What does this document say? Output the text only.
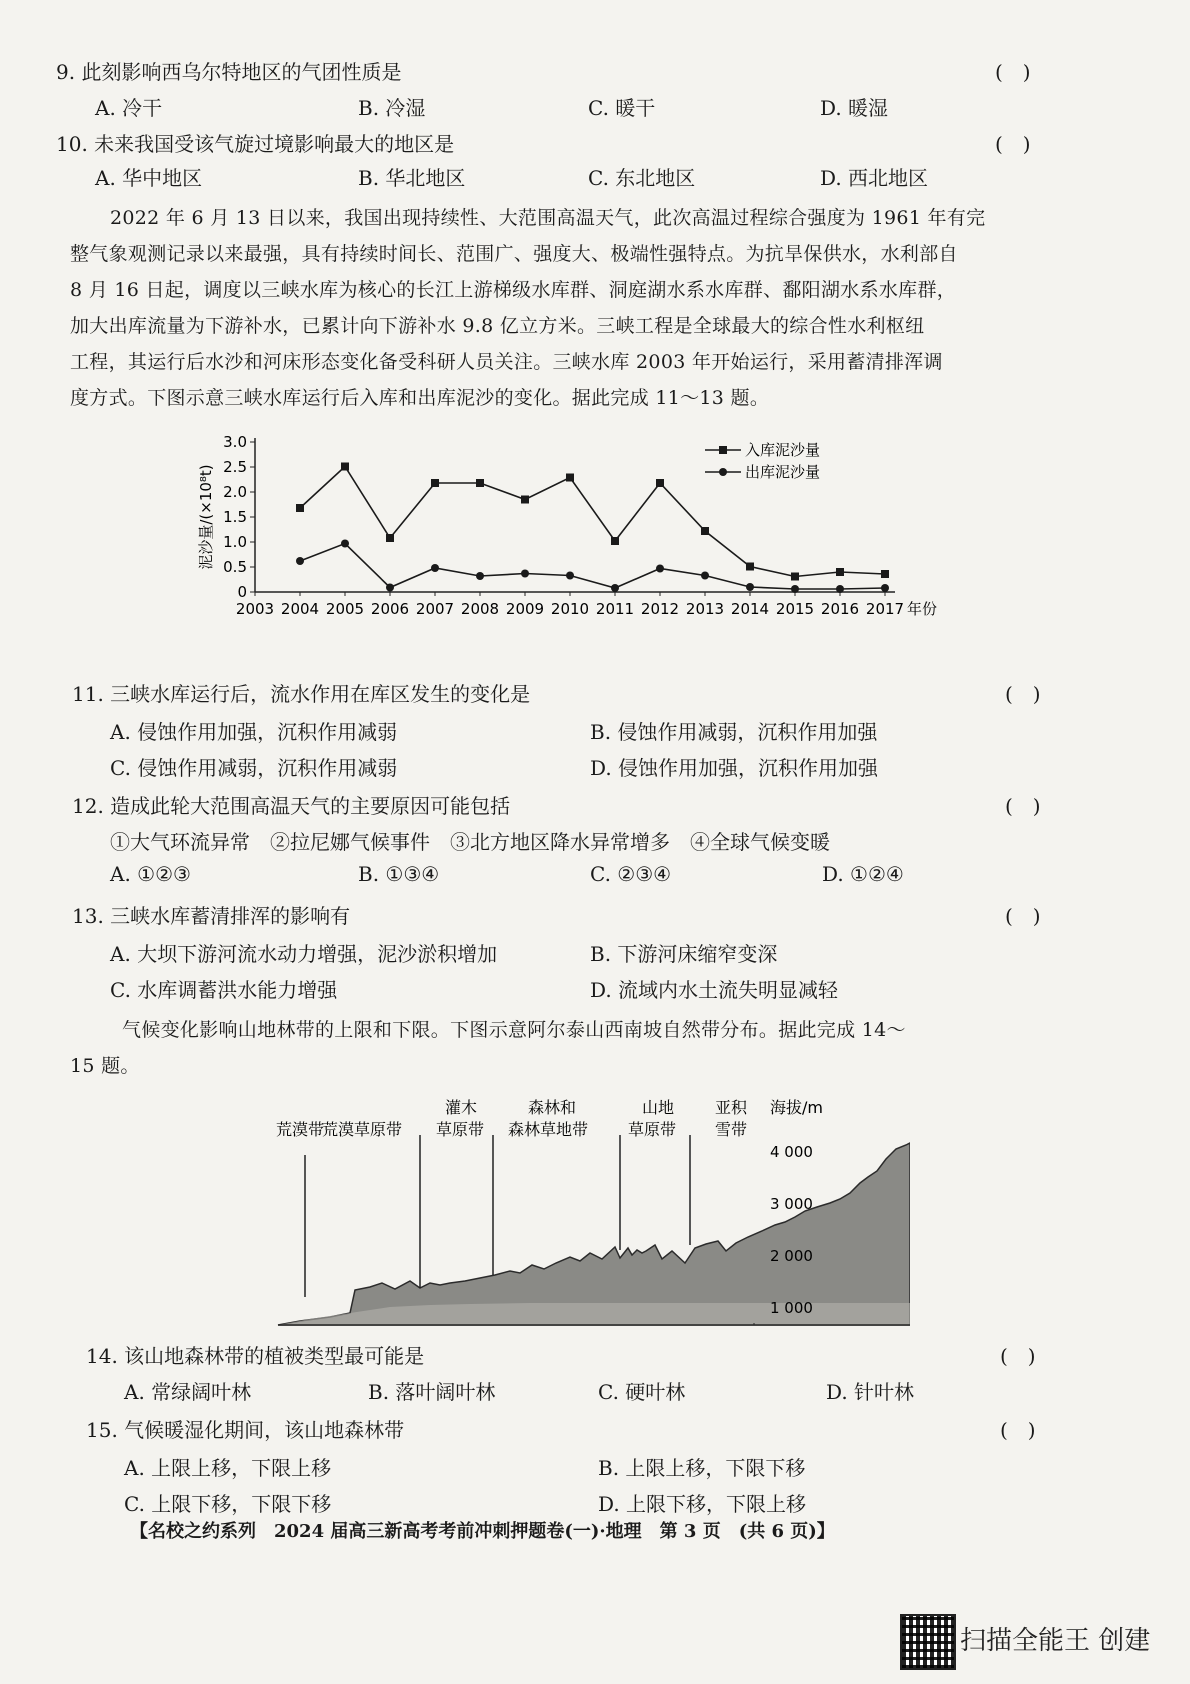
9. 此刻影响西乌尔特地区的气团性质是	(　)
A. 冷干	B. 冷湿	C. 暖干	D. 暖湿
10. 未来我国受该气旋过境影响最大的地区是	(　)
A. 华中地区	B. 华北地区	C. 东北地区	D. 西北地区

2022 年 6 月 13 日以来，我国出现持续性、大范围高温天气，此次高温过程综合强度为 1961 年有完

整气象观测记录以来最强，具有持续时间长、范围广、强度大、极端性强特点。为抗旱保供水，水利部自

8 月 16 日起，调度以三峡水库为核心的长江上游梯级水库群、洞庭湖水系水库群、鄱阳湖水系水库群，

加大出库流量为下游补水，已累计向下游补水 9.8 亿立方米。三峡工程是全球最大的综合性水利枢纽

工程，其运行后水沙和河床形态变化备受科研人员关注。三峡水库 2003 年开始运行，采用蓄清排浑调

度方式。下图示意三峡水库运行后入库和出库泥沙的变化。据此完成 11～13 题。

0
0.5
1.0
1.5
2.0
2.5
3.0
2003 2004 2005 2006 2007 2008 2009 2010 2011 2012 2013 2014 2015 2016 2017 年份
泥沙量/(×10⁸t)
入库泥沙量
出库泥沙量
11. 三峡水库运行后，流水作用在库区发生的变化是	(　)
A. 侵蚀作用加强，沉积作用减弱	B. 侵蚀作用减弱，沉积作用加强
C. 侵蚀作用减弱，沉积作用减弱	D. 侵蚀作用加强，沉积作用加强
12. 造成此轮大范围高温天气的主要原因可能包括	(　)
①大气环流异常　②拉尼娜气候事件　③北方地区降水异常增多　④全球气候变暖
A. ①②③	B. ①③④	C. ②③④	D. ①②④
13. 三峡水库蓄清排浑的影响有	(　)
A. 大坝下游河流水动力增强，泥沙淤积增加	B. 下游河床缩窄变深
C. 水库调蓄洪水能力增强	D. 流域内水土流失明显减轻

气候变化影响山地林带的上限和下限。下图示意阿尔泰山西南坡自然带分布。据此完成 14～

15 题。

荒漠带
荒漠草原带
灌木
草原带
森林和
森林草地带
山地
草原带
亚积
雪带
海拔/m
4 000
3 000
2 000
1 000
14. 该山地森林带的植被类型最可能是	(　)
A. 常绿阔叶林	B. 落叶阔叶林	C. 硬叶林	D. 针叶林
15. 气候暖湿化期间，该山地森林带	(　)
A. 上限上移，下限上移	B. 上限上移，下限下移
C. 上限下移，下限下移	D. 上限下移，下限上移
【名校之约系列　2024 届高三新高考考前冲刺押题卷(一)·地理　第 3 页　(共 6 页)】
扫描全能王 创建
